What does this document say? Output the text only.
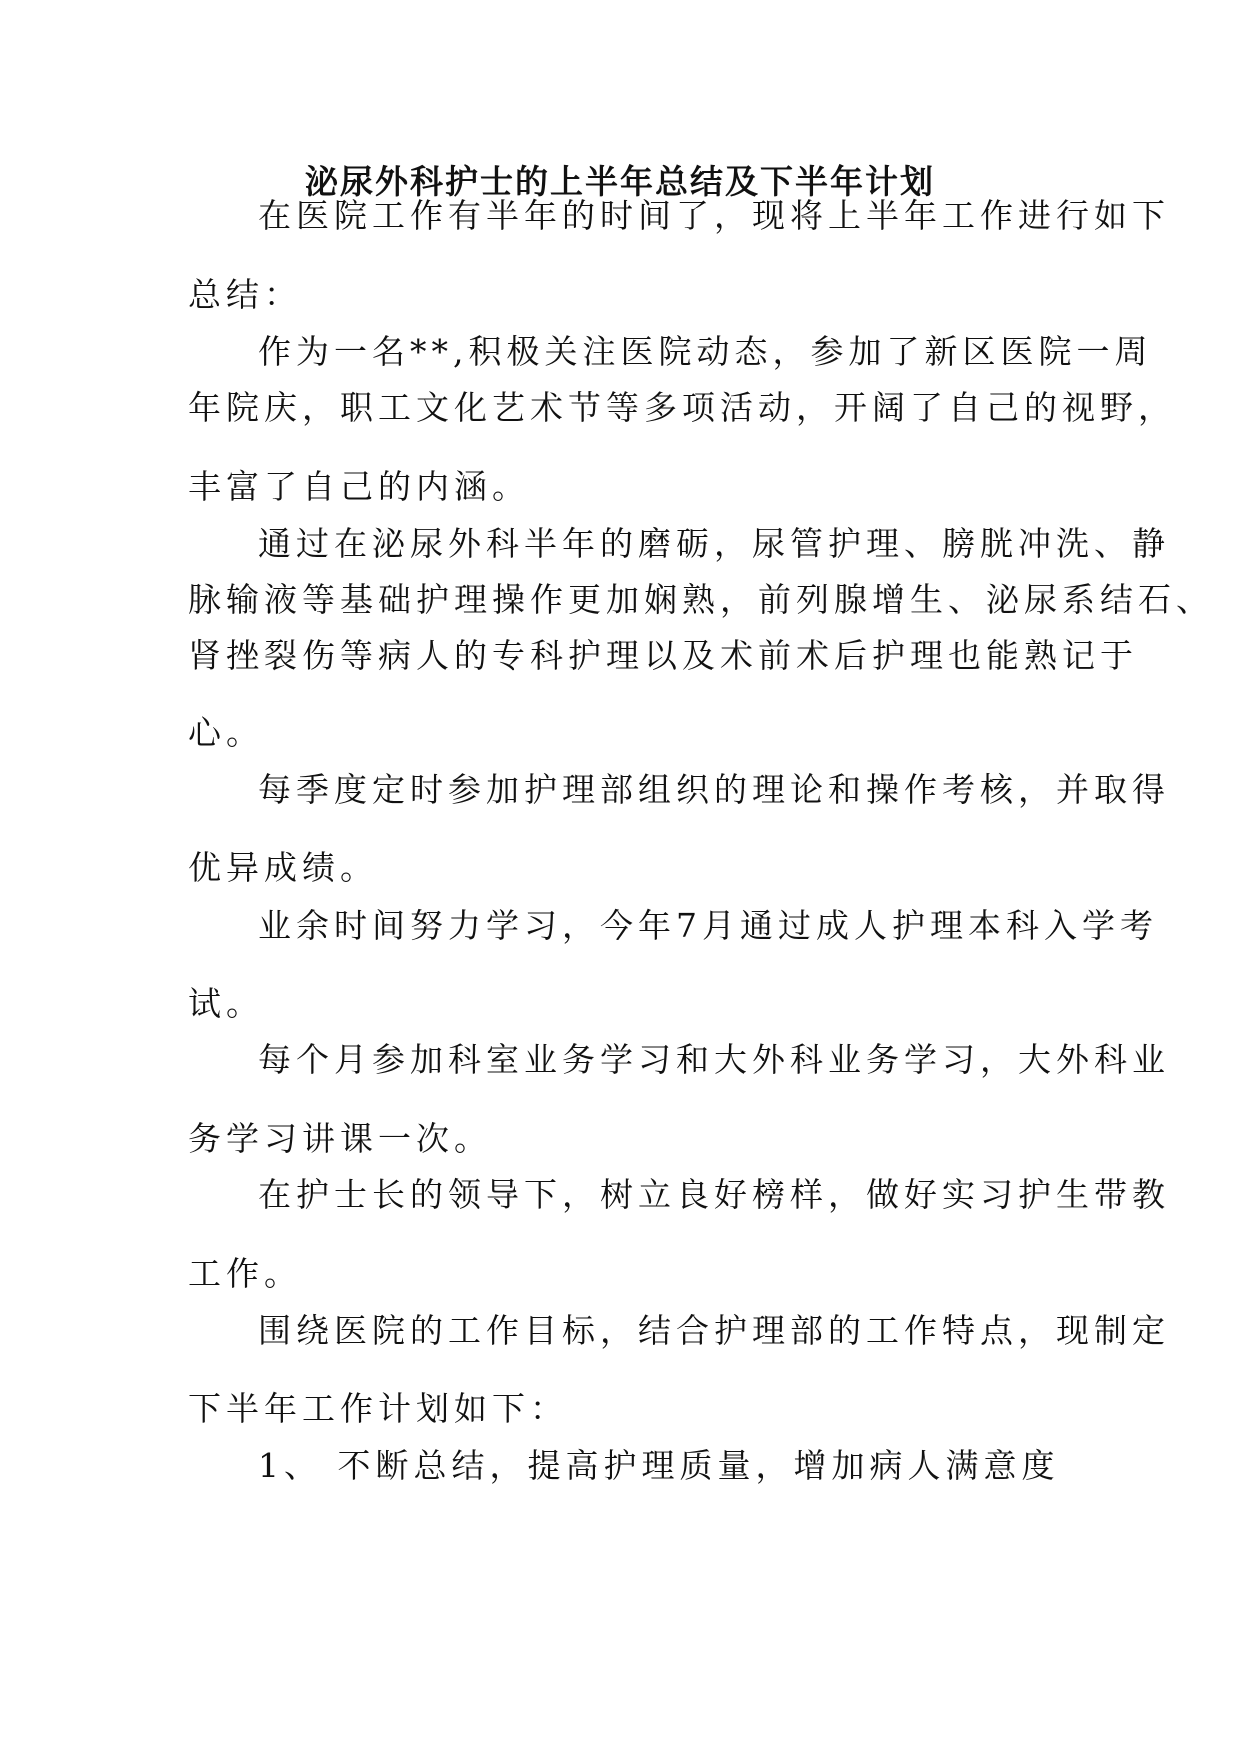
泌尿外科护士的上半年总结及下半年计划
在医院工作有半年的时间了，现将上半年工作进行如下
总结：
作为一名**,积极关注医院动态，参加了新区医院一周
年院庆，职工文化艺术节等多项活动，开阔了自己的视野，
丰富了自己的内涵。
通过在泌尿外科半年的磨砺，尿管护理、膀胱冲洗、静
脉输液等基础护理操作更加娴熟，前列腺增生、泌尿系结石、
肾挫裂伤等病人的专科护理以及术前术后护理也能熟记于
心。
每季度定时参加护理部组织的理论和操作考核，并取得
优异成绩。
业余时间努力学习，今年7月通过成人护理本科入学考
试。
每个月参加科室业务学习和大外科业务学习，大外科业
务学习讲课一次。
在护士长的领导下，树立良好榜样，做好实习护生带教
工作。
围绕医院的工作目标，结合护理部的工作特点，现制定
下半年工作计划如下：
1、 不断总结，提高护理质量，增加病人满意度
